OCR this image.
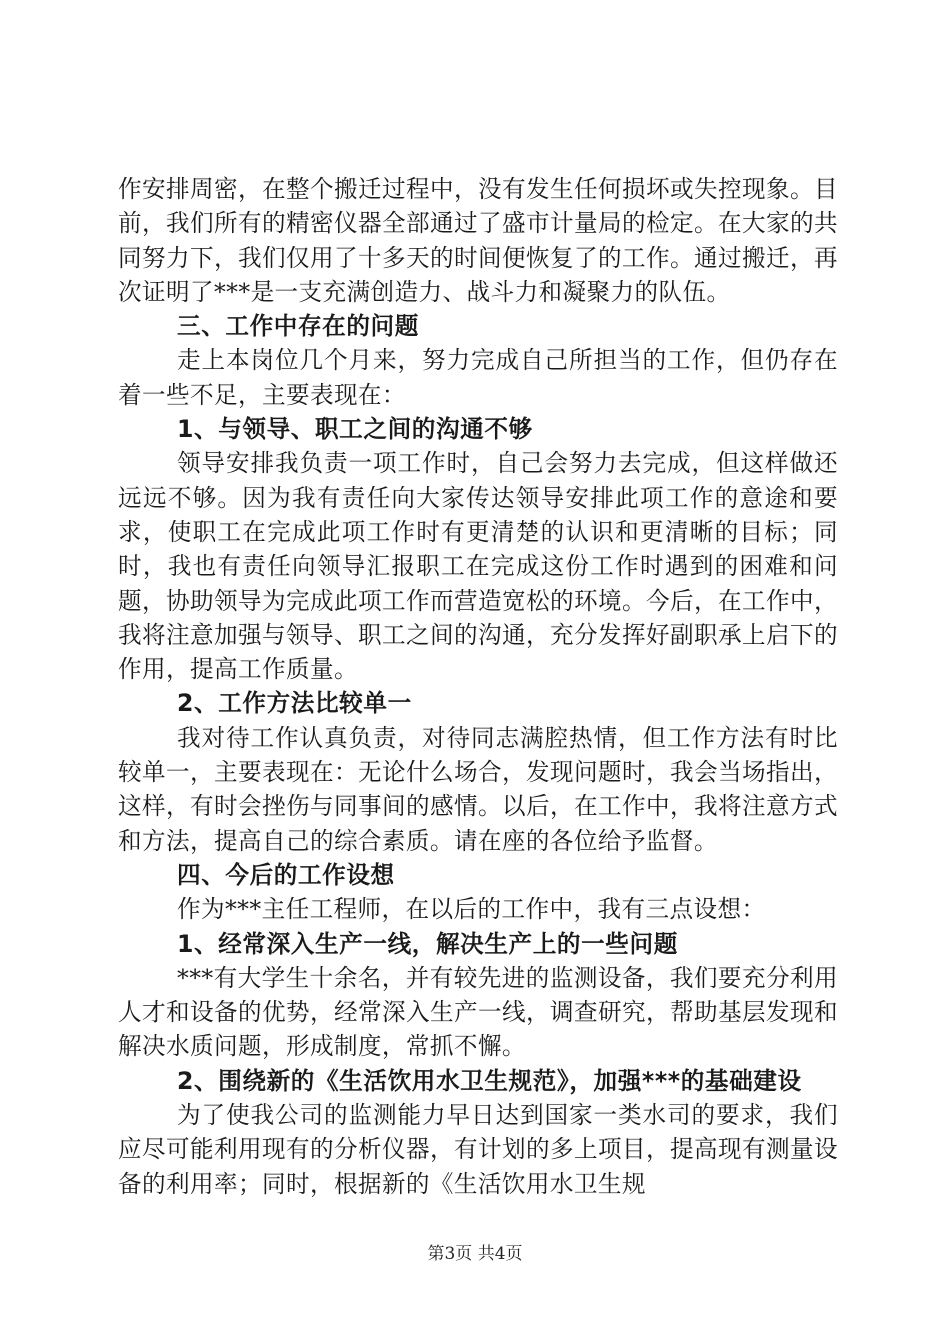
作安排周密，在整个搬迁过程中，没有发生任何损坏或失控现象。目前，我们所有的精密仪器全部通过了盛市计量局的检定。在大家的共同努力下，我们仅用了十多天的时间便恢复了的工作。通过搬迁，再次证明了***是一支充满创造力、战斗力和凝聚力的队伍。

三、工作中存在的问题

走上本岗位几个月来，努力完成自己所担当的工作，但仍存在着一些不足，主要表现在：

1、与领导、职工之间的沟通不够

领导安排我负责一项工作时，自己会努力去完成，但这样做还远远不够。因为我有责任向大家传达领导安排此项工作的意途和要求，使职工在完成此项工作时有更清楚的认识和更清晰的目标；同时，我也有责任向领导汇报职工在完成这份工作时遇到的困难和问题，协助领导为完成此项工作而营造宽松的环境。今后，在工作中，我将注意加强与领导、职工之间的沟通，充分发挥好副职承上启下的作用，提高工作质量。

2、工作方法比较单一

我对待工作认真负责，对待同志满腔热情，但工作方法有时比较单一，主要表现在：无论什么场合，发现问题时，我会当场指出，这样，有时会挫伤与同事间的感情。以后，在工作中，我将注意方式和方法，提高自己的综合素质。请在座的各位给予监督。

四、今后的工作设想

作为***主任工程师，在以后的工作中，我有三点设想：

1、经常深入生产一线，解决生产上的一些问题

***有大学生十余名，并有较先进的监测设备，我们要充分利用人才和设备的优势，经常深入生产一线，调查研究，帮助基层发现和解决水质问题，形成制度，常抓不懈。

2、围绕新的《生活饮用水卫生规范》，加强***的基础建设

为了使我公司的监测能力早日达到国家一类水司的要求，我们应尽可能利用现有的分析仪器，有计划的多上项目，提高现有测量设备的利用率；同时，根据新的《生活饮用水卫生规

第3页 共4页
